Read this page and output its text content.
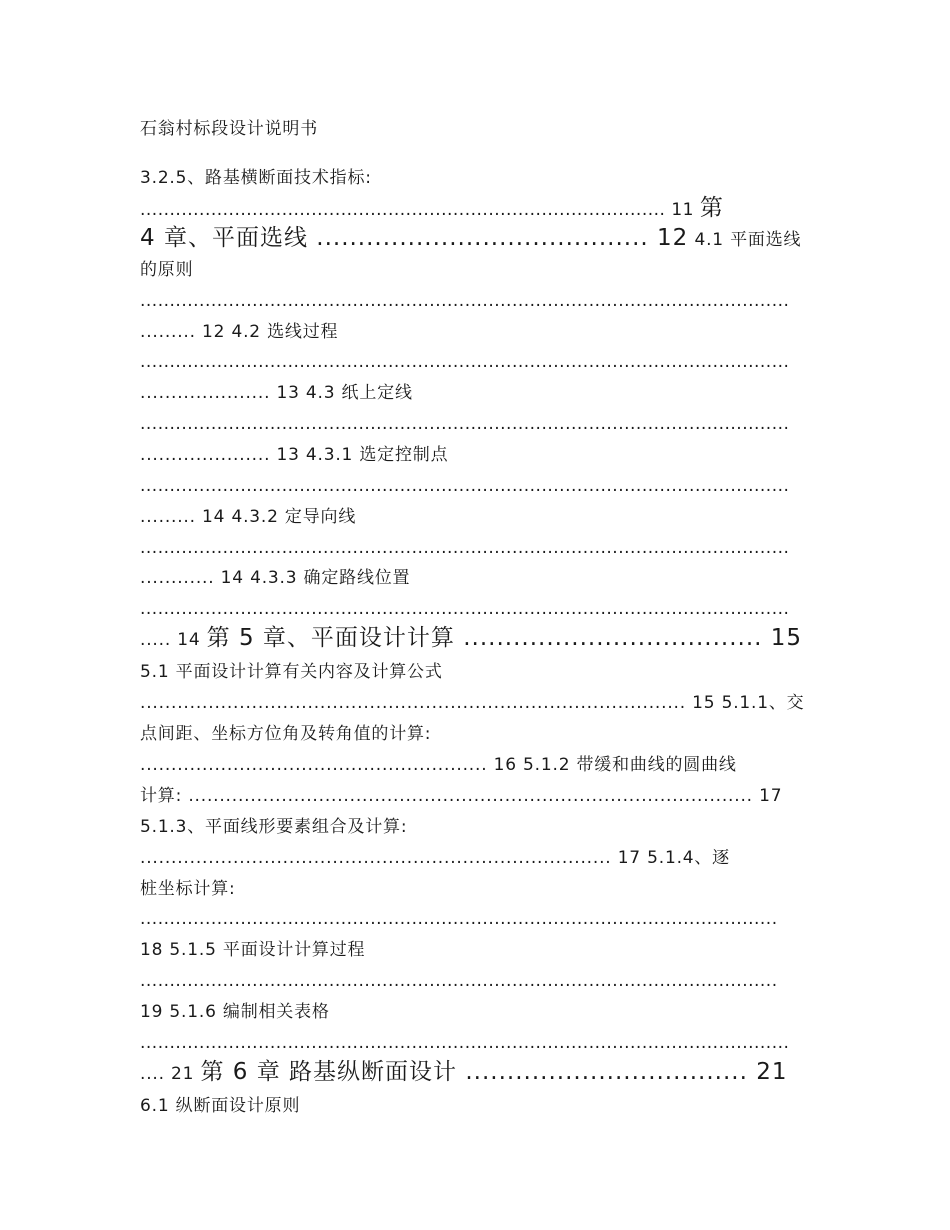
石翁村标段设计说明书
3.2.5、路基横断面技术指标:
......................................................................................... 11 第
4 章、平面选线 ........................................ 12 4.1 平面选线
的原则
..............................................................................................................
......... 12 4.2 选线过程
..............................................................................................................
..................... 13 4.3 纸上定线
..............................................................................................................
..................... 13 4.3.1 选定控制点
..............................................................................................................
......... 14 4.3.2 定导向线
..............................................................................................................
............ 14 4.3.3 确定路线位置
..............................................................................................................
..... 14 第 5 章、平面设计计算 .................................... 15
5.1 平面设计计算有关内容及计算公式
........................................................................................ 15 5.1.1、交
点间距、坐标方位角及转角值的计算:
........................................................ 16 5.1.2 带缓和曲线的圆曲线
计算: ........................................................................................... 17
5.1.3、平面线形要素组合及计算:
............................................................................ 17 5.1.4、逐
桩坐标计算:
............................................................................................................
18 5.1.5 平面设计计算过程
............................................................................................................
19 5.1.6 编制相关表格
..............................................................................................................
.... 21 第 6 章 路基纵断面设计 .................................. 21
6.1 纵断面设计原则
